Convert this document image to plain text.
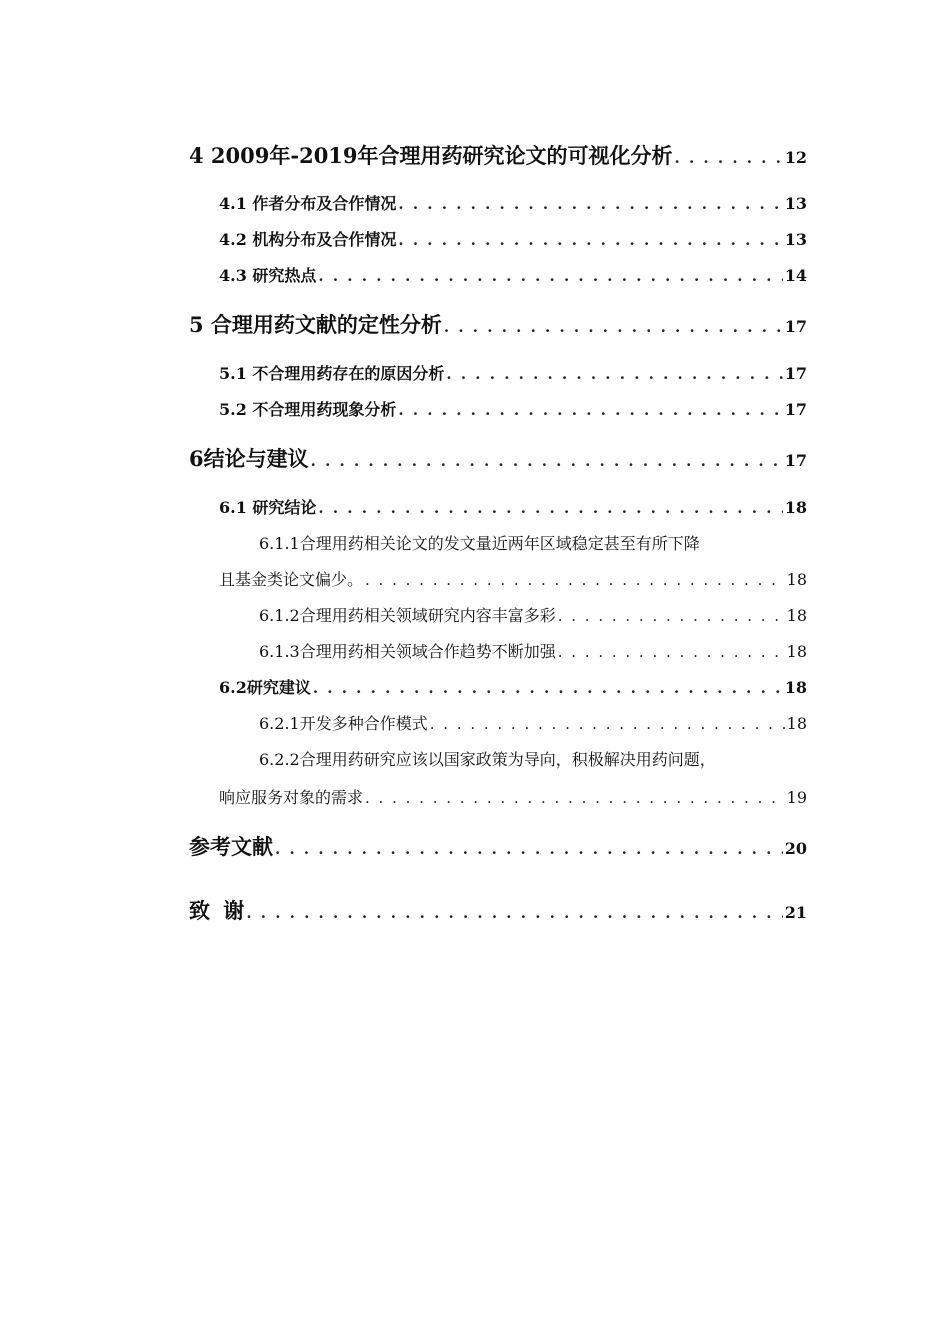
4 2009年-2019年合理用药研究论文的可视化分析 . . .	12
4.1 作者分布及合作情况 . . .	13
4.2 机构分布及合作情况 . . .	13
4.3 研究热点 . . .	14
5 合理用药文献的定性分析 . . .	17
5.1 不合理用药存在的原因分析 . . .	17
5.2 不合理用药现象分析 . . .	17
6结论与建议 . . .	17
6.1 研究结论 . . .	18
6.1.1合理用药相关论文的发文量近两年区域稳定甚至有所下降
且基金类论文偏少。 . . .	18
6.1.2合理用药相关领域研究内容丰富多彩 . . .	18
6.1.3合理用药相关领域合作趋势不断加强 . . .	18
6.2研究建议 . . .	18
6.2.1开发多种合作模式 . . .	18
6.2.2合理用药研究应该以国家政策为导向，积极解决用药问题，
响应服务对象的需求 . . .	19
参考文献 . . .	20
致 谢 . . .	21
